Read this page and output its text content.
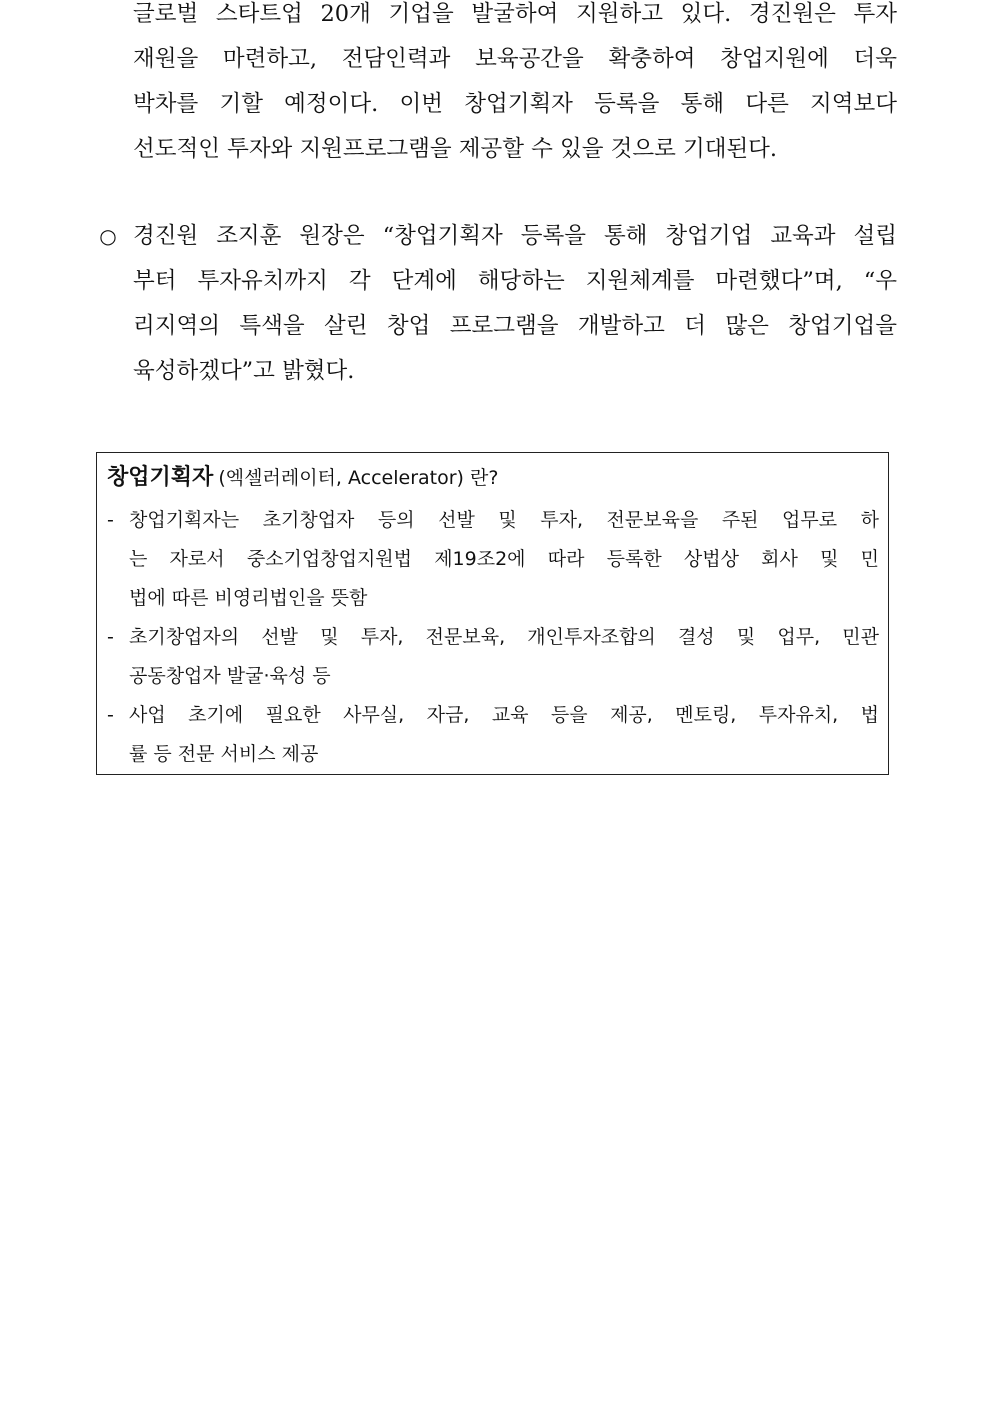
글로벌 스타트업 20개 기업을 발굴하여 지원하고 있다. 경진원은 투자
재원을 마련하고, 전담인력과 보육공간을 확충하여 창업지원에 더욱
박차를 기할 예정이다. 이번 창업기획자 등록을 통해 다른 지역보다
선도적인 투자와 지원프로그램을 제공할 수 있을 것으로 기대된다.
○ 경진원 조지훈 원장은 “창업기획자 등록을 통해 창업기업 교육과 설립
부터 투자유치까지 각 단계에 해당하는 지원체계를 마련했다”며, “우
리지역의 특색을 살린 창업 프로그램을 개발하고 더 많은 창업기업을
육성하겠다”고 밝혔다.
창업기획자 (엑셀러레이터, Accelerator) 란?
- 창업기획자는 초기창업자 등의 선발 및 투자, 전문보육을 주된 업무로 하
는 자로서 중소기업창업지원법 제19조2에 따라 등록한 상법상 회사 및 민
법에 따른 비영리법인을 뜻함
- 초기창업자의 선발 및 투자, 전문보육, 개인투자조합의 결성 및 업무, 민관
공동창업자 발굴·육성 등
- 사업 초기에 필요한 사무실, 자금, 교육 등을 제공, 멘토링, 투자유치, 법
률 등 전문 서비스 제공
